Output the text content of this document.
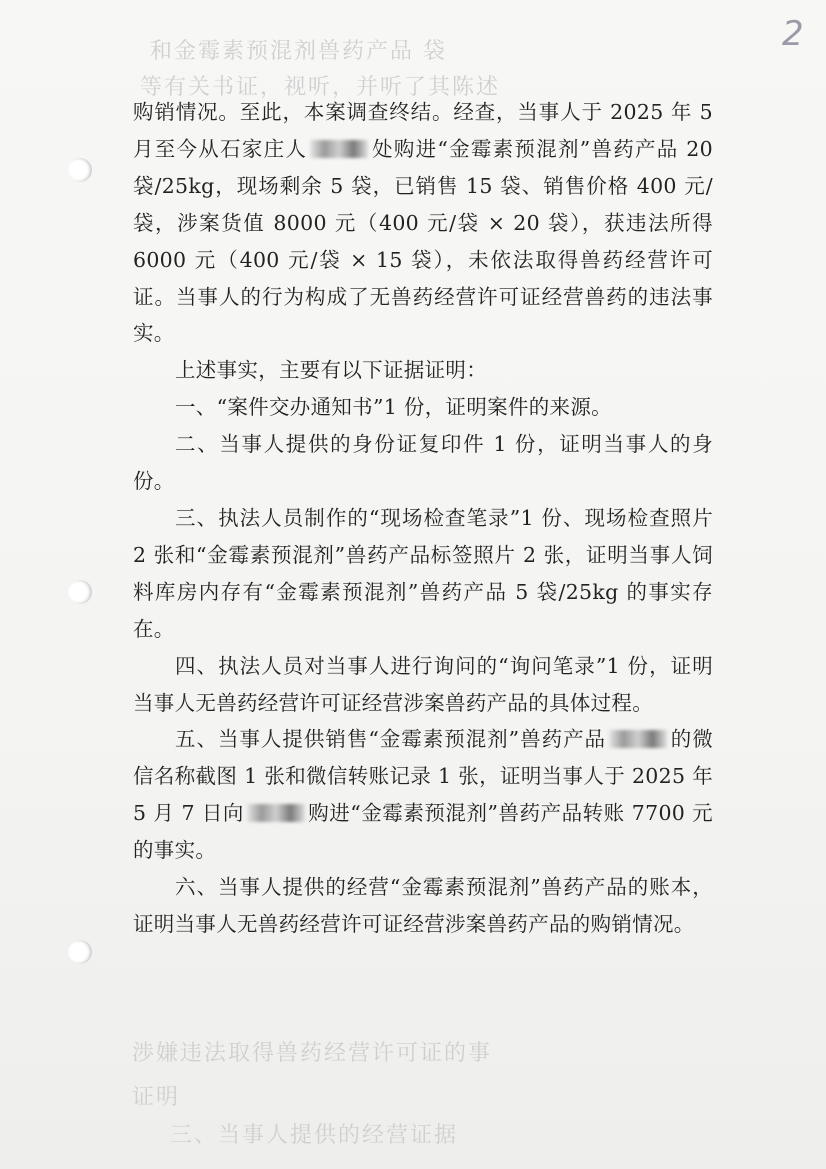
和金霉素预混剂兽药产品 袋
等有关书证，视听，并听了其陈述
渉嫌违法取得兽药经营许可证的事
证明
三、当事人提供的经营证据
2

购销情况。至此，本案调查终结。经查，当事人于 2025 年 5 月至今从石家庄人	处购进“金霉素预混剂”兽药产品 20 袋/25kg，现场剩余 5 袋，已销售 15 袋、销售价格 400 元/袋，涉案货值 8000 元（400 元/袋 × 20 袋），获违法所得 6000 元（400 元/袋 × 15 袋），未依法取得兽药经营许可证。当事人的行为构成了无兽药经营许可证经营兽药的违法事实。

上述事实，主要有以下证据证明：

一、“案件交办通知书”1 份，证明案件的来源。

二、当事人提供的身份证复印件 1 份，证明当事人的身份。

三、执法人员制作的“现场检查笔录”1 份、现场检查照片 2 张和“金霉素预混剂”兽药产品标签照片 2 张，证明当事人饲料库房内存有“金霉素预混剂”兽药产品 5 袋/25kg 的事实存在。

四、执法人员对当事人进行询问的“询问笔录”1 份，证明当事人无兽药经营许可证经营涉案兽药产品的具体过程。

五、当事人提供销售“金霉素预混剂”兽药产品	的微信名称截图 1 张和微信转账记录 1 张，证明当事人于 2025 年 5 月 7 日向	购进“金霉素预混剂”兽药产品转账 7700 元的事实。

六、当事人提供的经营“金霉素预混剂”兽药产品的账本，证明当事人无兽药经营许可证经营涉案兽药产品的购销情况。
